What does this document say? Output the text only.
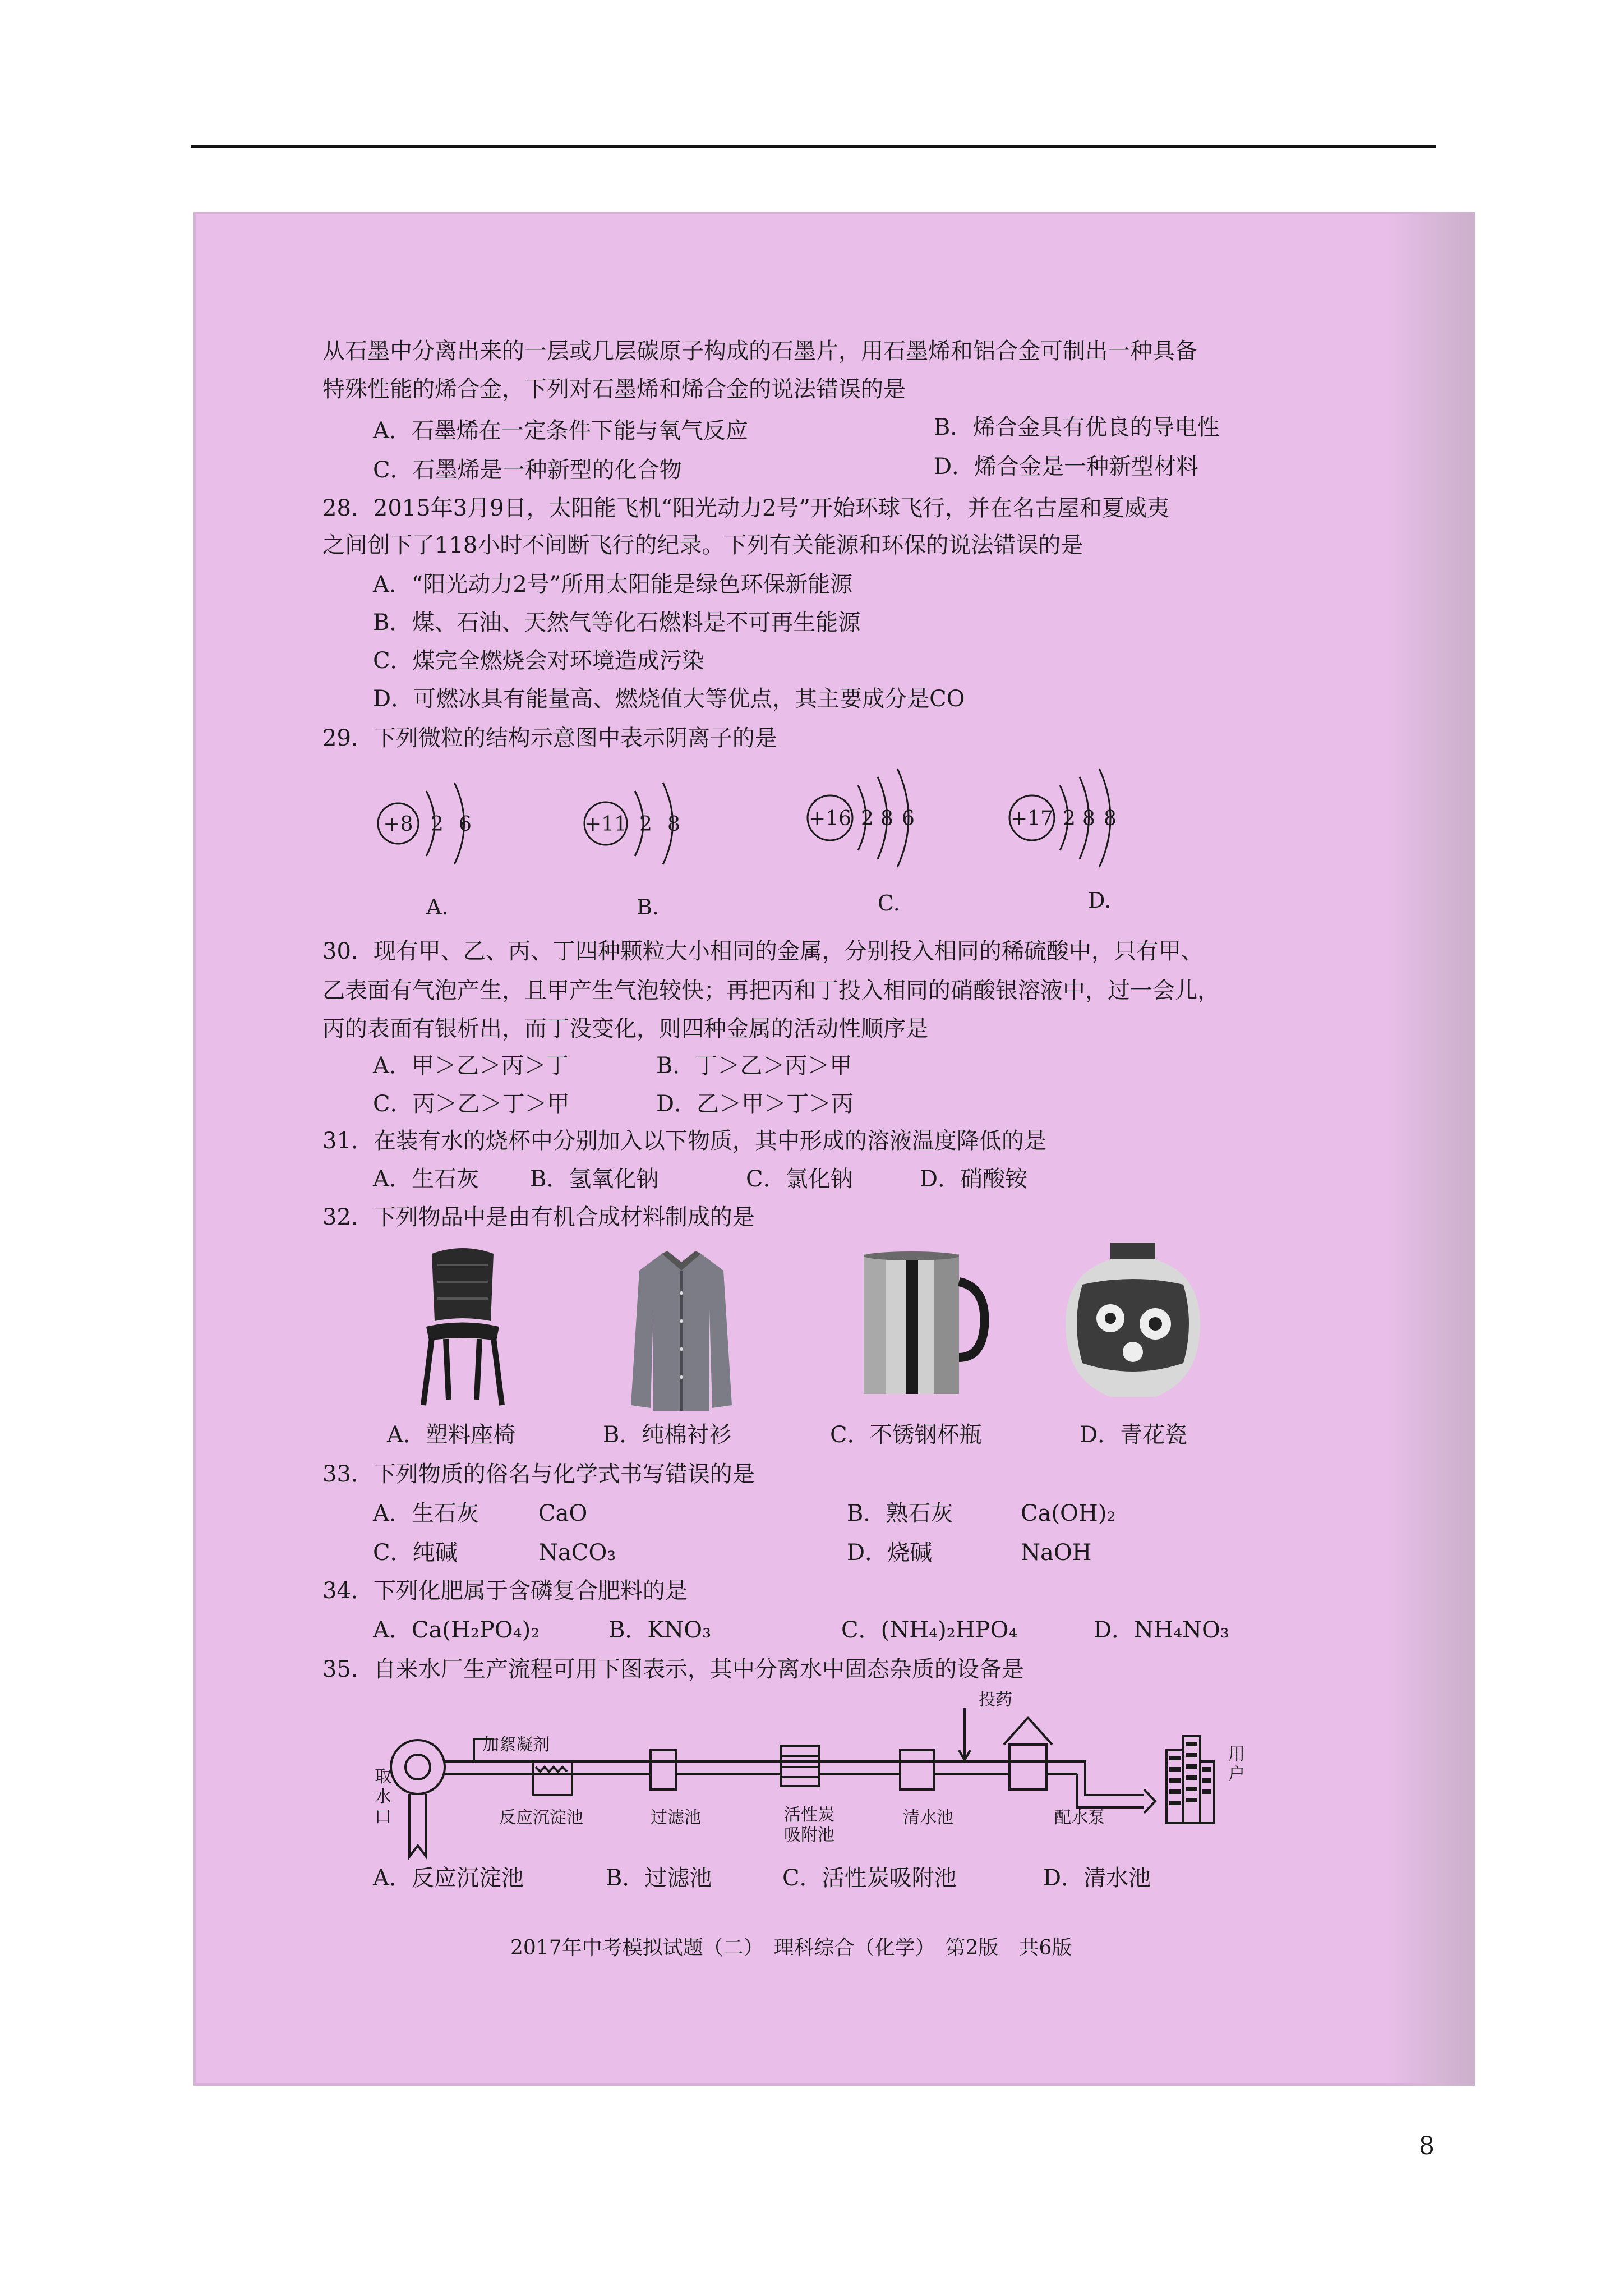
从石墨中分离出来的一层或几层碳原子构成的石墨片，用石墨烯和铝合金可制出一种具备
特殊性能的烯合金，下列对石墨烯和烯合金的说法错误的是
A．石墨烯在一定条件下能与氧气反应	B．烯合金具有优良的导电性
C．石墨烯是一种新型的化合物	D．烯合金是一种新型材料
28．2015年3月9日，太阳能飞机“阳光动力2号”开始环球飞行，并在名古屋和夏威夷
之间创下了118小时不间断飞行的纪录。下列有关能源和环保的说法错误的是
A．“阳光动力2号”所用太阳能是绿色环保新能源
B．煤、石油、天然气等化石燃料是不可再生能源
C．煤完全燃烧会对环境造成污染
D．可燃冰具有能量高、燃烧值大等优点，其主要成分是CO
29．下列微粒的结构示意图中表示阴离子的是
+8 2 6
A.
+11 2 8
B.
+16 2 8 6
C.
+17 2 8 8
D.
30．现有甲、乙、丙、丁四种颗粒大小相同的金属，分别投入相同的稀硫酸中，只有甲、
乙表面有气泡产生，且甲产生气泡较快；再把丙和丁投入相同的硝酸银溶液中，过一会儿，
丙的表面有银析出，而丁没变化，则四种金属的活动性顺序是
A．甲＞乙＞丙＞丁	B．丁＞乙＞丙＞甲
C．丙＞乙＞丁＞甲	D．乙＞甲＞丁＞丙
31．在装有水的烧杯中分别加入以下物质，其中形成的溶液温度降低的是
A．生石灰 B．氢氧化钠	C．氯化钠	D．硝酸铵
32．下列物品中是由有机合成材料制成的是
A．塑料座椅	B．纯棉衬衫	C．不锈钢杯瓶	D．青花瓷
33．下列物质的俗名与化学式书写错误的是
A．生石灰	CaO	B．熟石灰	Ca(OH)₂
C．纯碱	NaCO₃	D．烧碱	NaOH
34．下列化肥属于含磷复合肥料的是
A．Ca(H₂PO₄)₂	B．KNO₃	C．(NH₄)₂HPO₄	D．NH₄NO₃
35．自来水厂生产流程可用下图表示，其中分离水中固态杂质的设备是
加絮凝剂
取水口	反应沉淀池	过滤池	活性炭
吸附池
清水池
投药
配水泵
用户
A．反应沉淀池	B．过滤池	C．活性炭吸附池	D．清水池
2017年中考模拟试题（二）　理科综合（化学）　第2版　共6版
8
